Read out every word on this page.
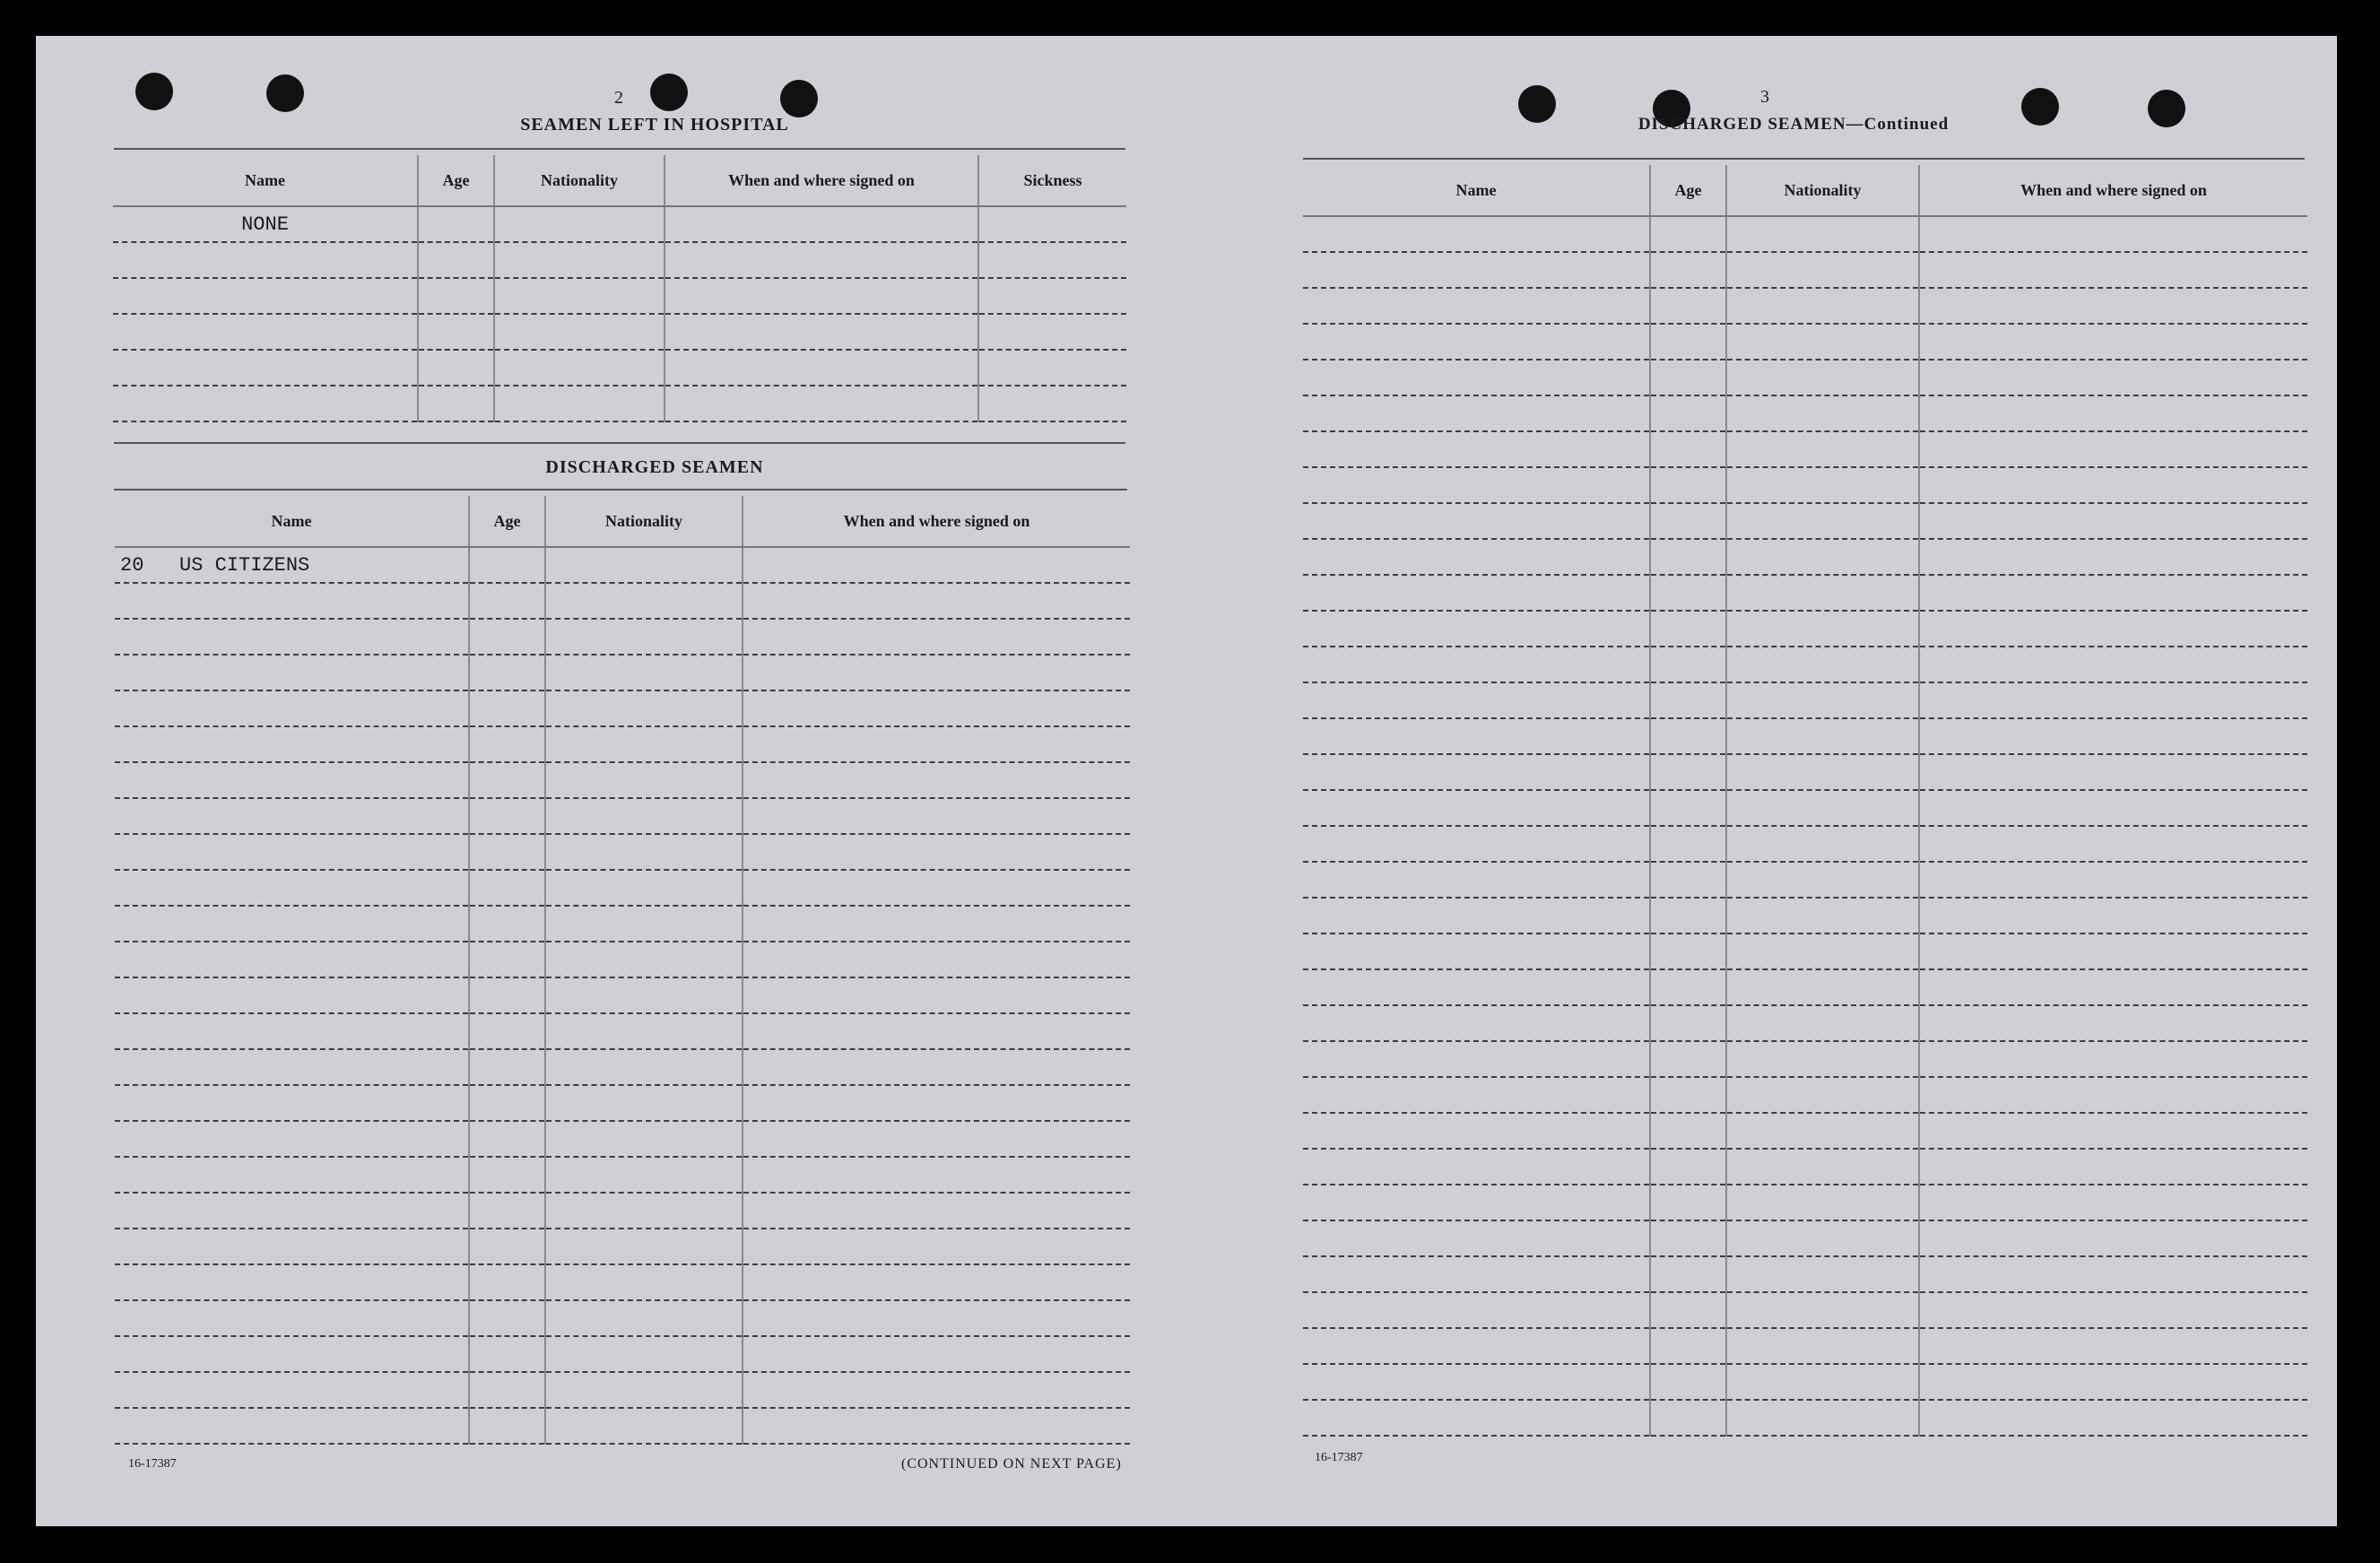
2
SEAMEN LEFT IN HOSPITAL
Name	Age	Nationality	When and where signed on	Sickness
NONE				

DISCHARGED SEAMEN
Name	Age	Nationality	When and where signed on
20 US CITIZENS			

16-17387	(CONTINUED ON NEXT PAGE)
3
DISCHARGED SEAMEN—Continued
Name	Age	Nationality	When and where signed on

16-17387
